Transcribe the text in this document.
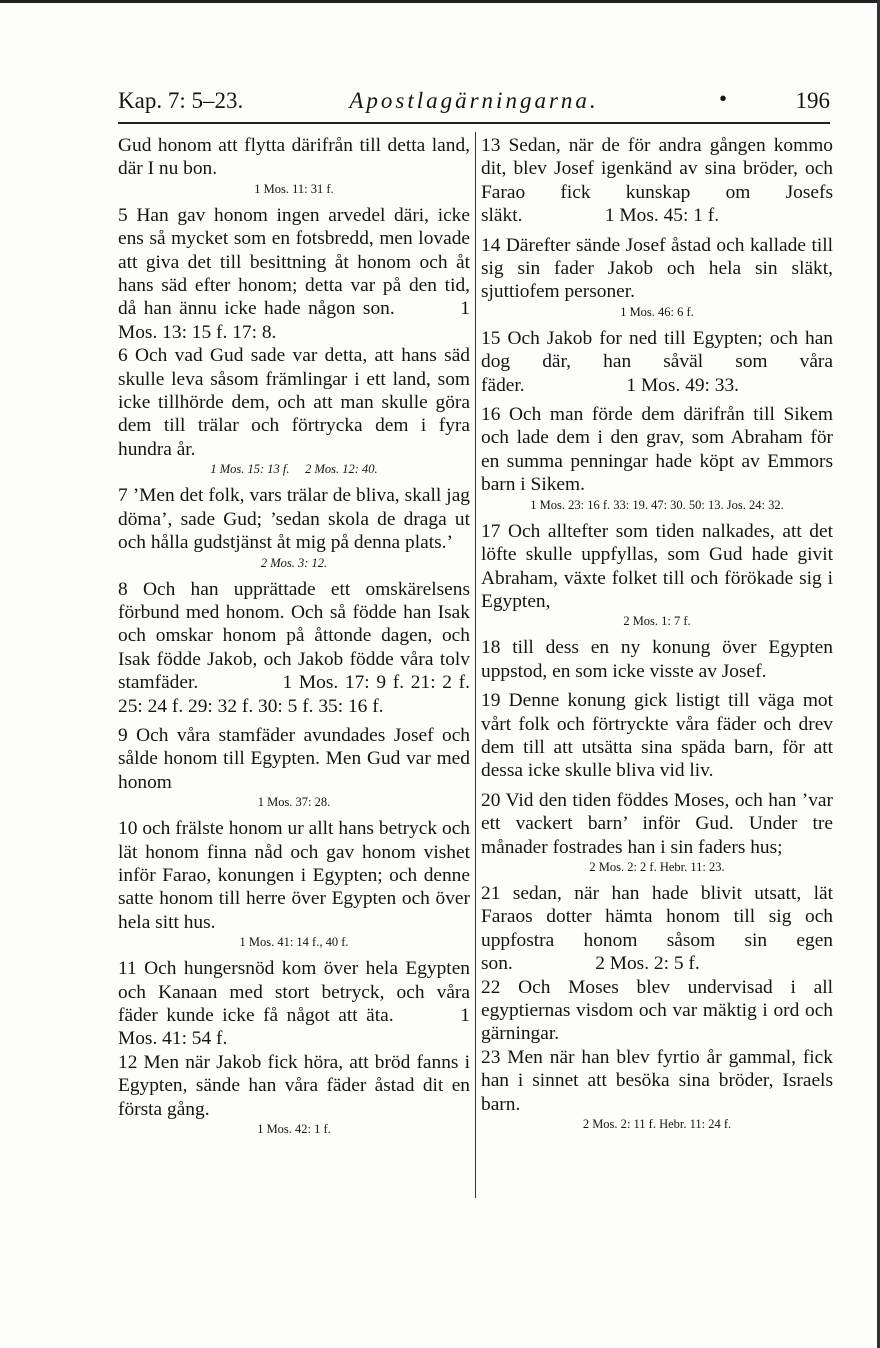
Kap. 7: 5–23.	Apostlagärningarna.	•	196

Gud honom att flytta därifrån till detta land, där I nu bon.

1 Mos. 11: 31 f.

5 Han gav honom ingen arvedel däri, icke ens så mycket som en fotsbredd, men lovade att giva det till besittning åt honom och åt hans säd efter honom; detta var på den tid, då han ännu icke hade någon son.    1 Mos. 13: 15 f. 17: 8.

6 Och vad Gud sade var detta, att hans säd skulle leva såsom främlingar i ett land, som icke tillhörde dem, och att man skulle göra dem till trälar och förtrycka dem i fyra hundra år.

1 Mos. 15: 13 f.  2 Mos. 12: 40.

7 ’Men det folk, vars trälar de bliva, skall jag döma’, sade Gud; ’sedan skola de draga ut och hålla gudstjänst åt mig på denna plats.’

2 Mos. 3: 12.

8 Och han upprättade ett omskärelsens förbund med honom. Och så födde han Isak och omskar honom på åttonde dagen, och Isak födde Jakob, och Jakob födde våra tolv stamfäder.     1 Mos. 17: 9 f. 21: 2 f. 25: 24 f. 29: 32 f. 30: 5 f. 35: 16 f.

9 Och våra stamfäder avundades Josef och sålde honom till Egypten. Men Gud var med honom

1 Mos. 37: 28.

10 och frälste honom ur allt hans betryck och lät honom finna nåd och gav honom vishet inför Farao, konungen i Egypten; och denne satte honom till herre över Egypten och över hela sitt hus.

1 Mos. 41: 14 f., 40 f.

11 Och hungersnöd kom över hela Egypten och Kanaan med stort betryck, och våra fäder kunde icke få något att äta.    1 Mos. 41: 54 f.

12 Men när Jakob fick höra, att bröd fanns i Egypten, sände han våra fäder åstad dit en första gång.

1 Mos. 42: 1 f.

13 Sedan, när de för andra gången kommo dit, blev Josef igenkänd av sina bröder, och Farao fick kunskap om Josefs släkt.     1 Mos. 45: 1 f.

14 Därefter sände Josef åstad och kallade till sig sin fader Jakob och hela sin släkt, sjuttiofem personer.

1 Mos. 46: 6 f.

15 Och Jakob for ned till Egypten; och han dog där, han såväl som våra fäder.      1 Mos. 49: 33.

16 Och man förde dem därifrån till Sikem och lade dem i den grav, som Abraham för en summa penningar hade köpt av Emmors barn i Sikem.

1 Mos. 23: 16 f. 33: 19. 47: 30. 50: 13. Jos. 24: 32.

17 Och alltefter som tiden nalkades, att det löfte skulle uppfyllas, som Gud hade givit Abraham, växte folket till och förökade sig i Egypten,

2 Mos. 1: 7 f.

18 till dess en ny konung över Egypten uppstod, en som icke visste av Josef.

19 Denne konung gick listigt till väga mot vårt folk och förtryckte våra fäder och drev dem till att utsätta sina späda barn, för att dessa icke skulle bliva vid liv.

20 Vid den tiden föddes Moses, och han ’var ett vackert barn’ inför Gud. Under tre månader fostrades han i sin faders hus;

2 Mos. 2: 2 f. Hebr. 11: 23.

21 sedan, när han hade blivit utsatt, lät Faraos dotter hämta honom till sig och uppfostra honom såsom sin egen son.     2 Mos. 2: 5 f.

22 Och Moses blev undervisad i all egyptiernas visdom och var mäktig i ord och gärningar.

23 Men när han blev fyrtio år gammal, fick han i sinnet att besöka sina bröder, Israels barn.

2 Mos. 2: 11 f. Hebr. 11: 24 f.
